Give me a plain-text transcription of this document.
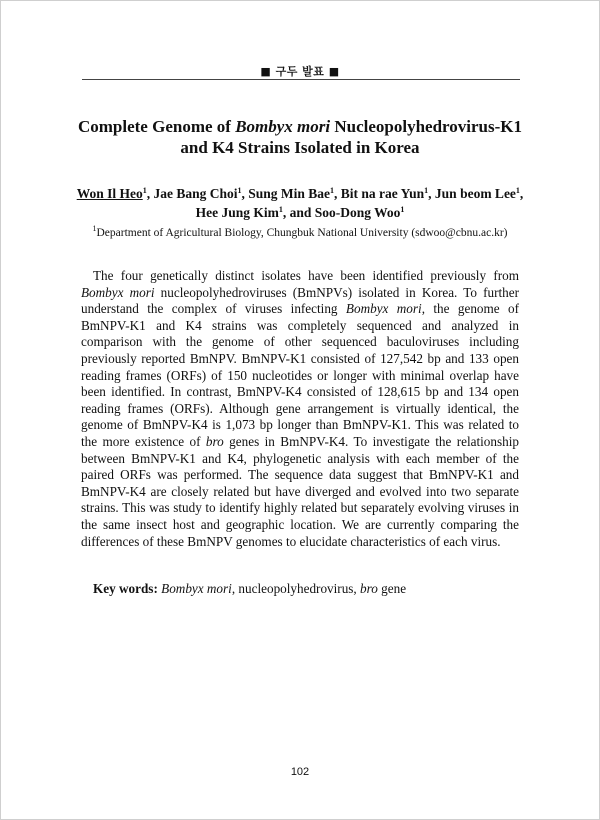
■ 구두 발표 ■
Complete Genome of Bombyx mori Nucleopolyhedrovirus-K1
and K4 Strains Isolated in Korea
Won Il Heo$^1$, Jae Bang Choi$^1$, Sung Min Bae$^1$, Bit na rae Yun$^1$, Jun beom Lee$^1$,
Hee Jung Kim$^1$, and Soo-Dong Woo$^1$
$^1$Department of Agricultural Biology, Chungbuk National University (sdwoo@cbnu.ac.kr)
The four genetically distinct isolates have been identified previously from Bombyx mori nucleopolyhedroviruses (BmNPVs) isolated in Korea. To further understand the complex of viruses infecting Bombyx mori, the genome of BmNPV-K1 and K4 strains was completely sequenced and analyzed in comparison with the genome of other sequenced baculoviruses including previously reported BmNPV. BmNPV-K1 consisted of 127,542 bp and 133 open reading frames (ORFs) of 150 nucleotides or longer with minimal overlap have been identified. In contrast, BmNPV-K4 consisted of 128,615 bp and 134 open reading frames (ORFs). Although gene arrangement is virtually identical, the genome of BmNPV-K4 is 1,073 bp longer than BmNPV-K1. This was related to the more existence of bro genes in BmNPV-K4. To investigate the relationship between BmNPV-K1 and K4, phylogenetic analysis with each member of the paired ORFs was performed. The sequence data suggest that BmNPV-K1 and BmNPV-K4 are closely related but have diverged and evolved into two separate strains. This was study to identify highly related but separately evolving viruses in the same insect host and geographic location. We are currently comparing the differences of these BmNPV genomes to elucidate characteristics of each virus.
Key words: Bombyx mori, nucleopolyhedrovirus, bro gene
102
